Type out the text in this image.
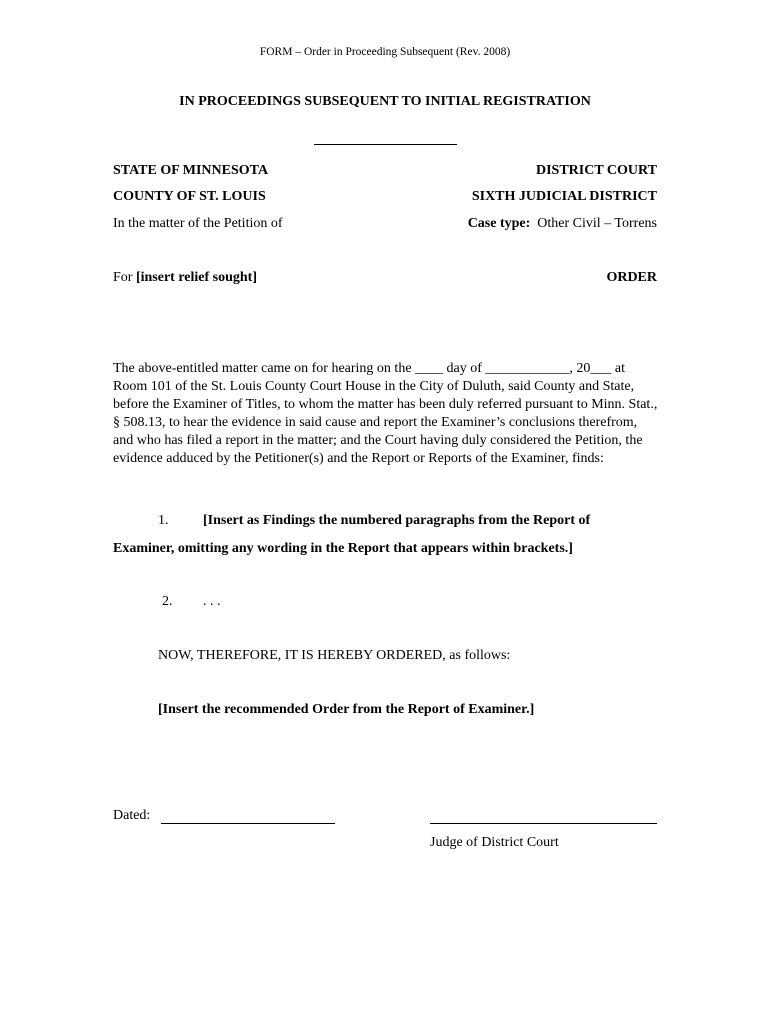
FORM – Order in Proceeding Subsequent (Rev. 2008)
IN PROCEEDINGS SUBSEQUENT TO INITIAL REGISTRATION
STATE OF MINNESOTA
COUNTY OF ST. LOUIS
In the matter of the Petition of
For [insert relief sought]
DISTRICT COURT
SIXTH JUDICIAL DISTRICT
Case type: Other Civil – Torrens
ORDER
The above-entitled matter came on for hearing on the ____ day of ____________, 20___ at Room 101 of the St. Louis County Court House in the City of Duluth, said County and State, before the Examiner of Titles, to whom the matter has been duly referred pursuant to Minn. Stat., § 508.13, to hear the evidence in said cause and report the Examiner’s conclusions therefrom, and who has filed a report in the matter; and the Court having duly considered the Petition, the evidence adduced by the Petitioner(s) and the Report or Reports of the Examiner, finds:
1. [Insert as Findings the numbered paragraphs from the Report of
Examiner, omitting any wording in the Report that appears within brackets.]
2. . . .
NOW, THEREFORE, IT IS HEREBY ORDERED, as follows:
[Insert the recommended Order from the Report of Examiner.]
Dated:
Judge of District Court
